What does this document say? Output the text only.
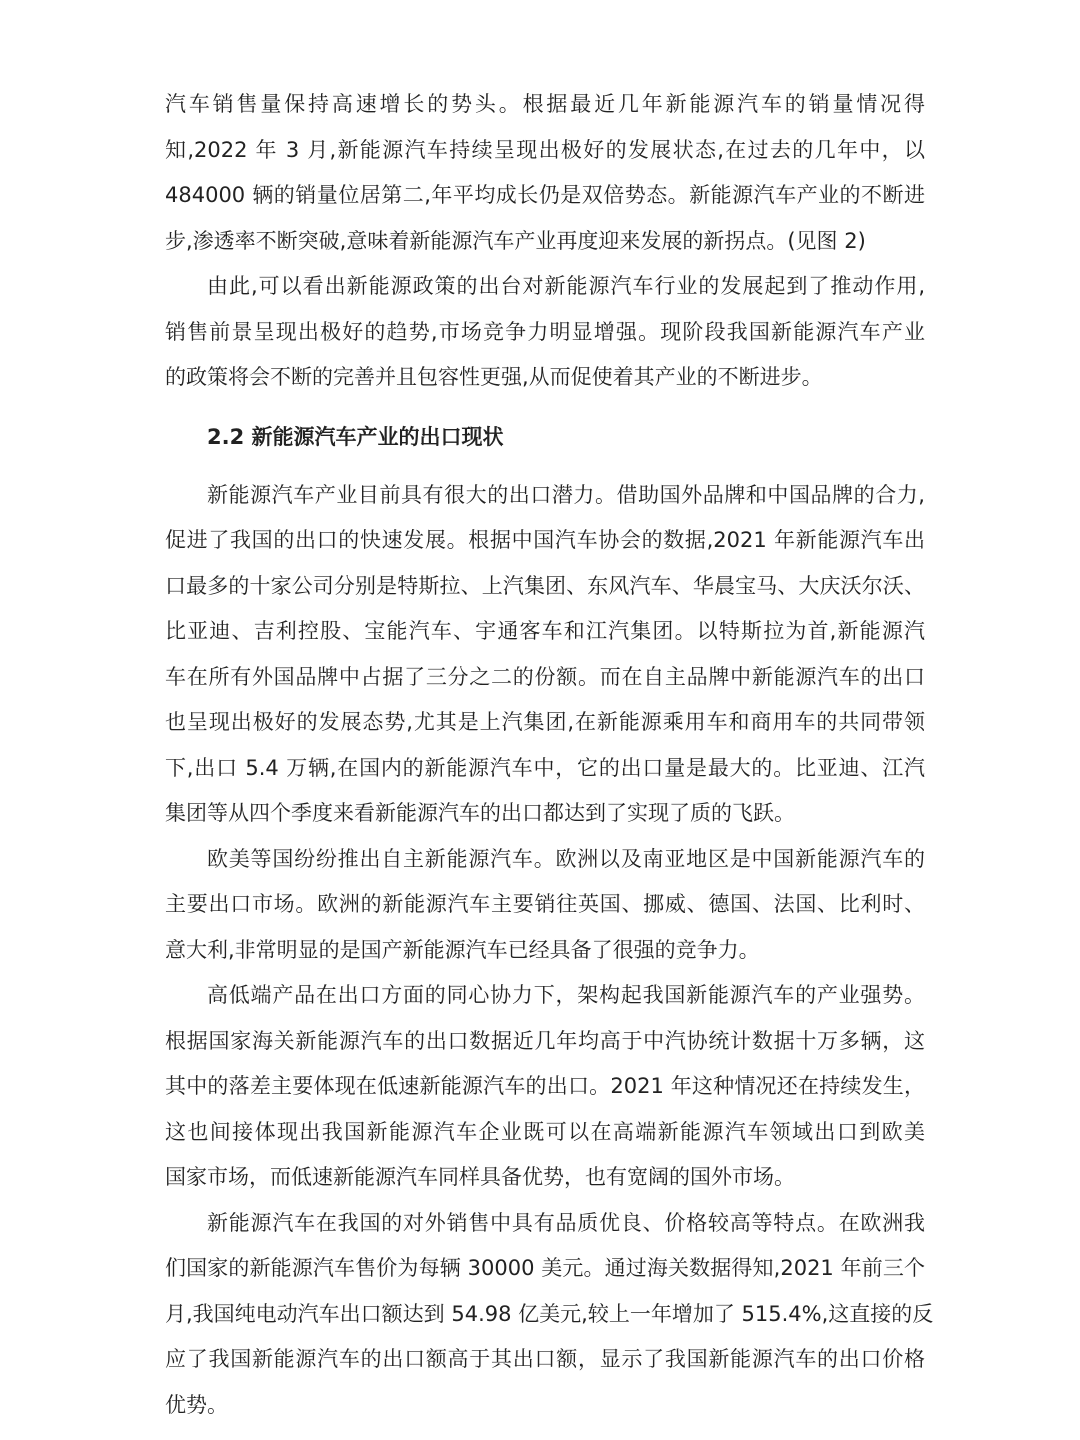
汽车销售量保持高速增长的势头。根据最近几年新能源汽车的销量情况得
知,2022 年 3 月,新能源汽车持续呈现出极好的发展状态,在过去的几年中，以
484000 辆的销量位居第二,年平均成长仍是双倍势态。新能源汽车产业的不断进
步,渗透率不断突破,意味着新能源汽车产业再度迎来发展的新拐点。(见图 2)
由此,可以看出新能源政策的出台对新能源汽车行业的发展起到了推动作用,
销售前景呈现出极好的趋势,市场竞争力明显增强。现阶段我国新能源汽车产业
的政策将会不断的完善并且包容性更强,从而促使着其产业的不断进步。
2.2 新能源汽车产业的出口现状
新能源汽车产业目前具有很大的出口潜力。借助国外品牌和中国品牌的合力,
促进了我国的出口的快速发展。根据中国汽车协会的数据,2021 年新能源汽车出
口最多的十家公司分别是特斯拉、上汽集团、东风汽车、华晨宝马、大庆沃尔沃、
比亚迪、吉利控股、宝能汽车、宇通客车和江汽集团。以特斯拉为首,新能源汽
车在所有外国品牌中占据了三分之二的份额。而在自主品牌中新能源汽车的出口
也呈现出极好的发展态势,尤其是上汽集团,在新能源乘用车和商用车的共同带领
下,出口 5.4 万辆,在国内的新能源汽车中，它的出口量是最大的。比亚迪、江汽
集团等从四个季度来看新能源汽车的出口都达到了实现了质的飞跃。
欧美等国纷纷推出自主新能源汽车。欧洲以及南亚地区是中国新能源汽车的
主要出口市场。欧洲的新能源汽车主要销往英国、挪威、德国、法国、比利时、
意大利,非常明显的是国产新能源汽车已经具备了很强的竞争力。
高低端产品在出口方面的同心协力下，架构起我国新能源汽车的产业强势。
根据国家海关新能源汽车的出口数据近几年均高于中汽协统计数据十万多辆，这
其中的落差主要体现在低速新能源汽车的出口。2021 年这种情况还在持续发生，
这也间接体现出我国新能源汽车企业既可以在高端新能源汽车领域出口到欧美
国家市场，而低速新能源汽车同样具备优势，也有宽阔的国外市场。
新能源汽车在我国的对外销售中具有品质优良、价格较高等特点。在欧洲我
们国家的新能源汽车售价为每辆 30000 美元。通过海关数据得知,2021 年前三个
月,我国纯电动汽车出口额达到 54.98 亿美元,较上一年增加了 515.4%,这直接的反
应了我国新能源汽车的出口额高于其出口额，显示了我国新能源汽车的出口价格
优势。
